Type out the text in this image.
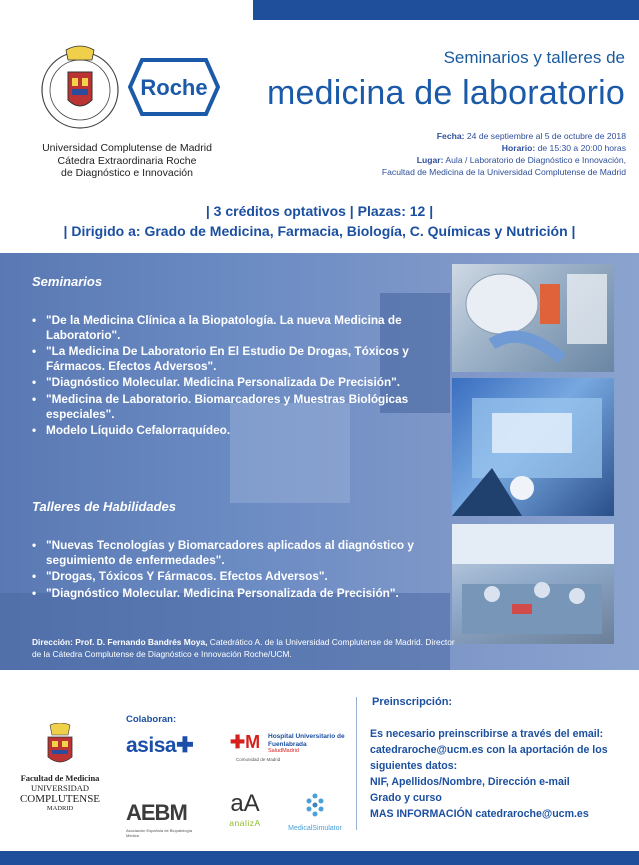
Roche
Universidad Complutense de Madrid
Cátedra Extraordinaria Roche
de Diagnóstico e Innovación
Seminarios y talleres de
medicina de laboratorio
Fecha: 24 de septiembre al 5 de octubre de 2018
Horario: de 15:30 a 20:00 horas
Lugar: Aula / Laboratorio de Diagnóstico e Innovación,
Facultad de Medicina de la Universidad Complutense de Madrid
| 3 créditos optativos | Plazas: 12 |
| Dirigido a: Grado de Medicina, Farmacia, Biología, C. Químicas y Nutrición |
Seminarios
• "De la Medicina Clínica a la Biopatología. La nueva Medicina de Laboratorio".
• "La Medicina De Laboratorio En El Estudio De Drogas, Tóxicos y Fármacos. Efectos Adversos".
• "Diagnóstico Molecular. Medicina Personalizada De Precisión".
• "Medicina de Laboratorio. Biomarcadores y Muestras Biológicas especiales".
• Modelo Líquido Cefalorraquídeo.
Talleres de Habilidades
• "Nuevas Tecnologías y Biomarcadores aplicados al diagnóstico y seguimiento de enfermedades".
• "Drogas, Tóxicos Y Fármacos. Efectos Adversos".
• "Diagnóstico Molecular. Medicina Personalizada de Precisión".
Dirección: Prof. D. Fernando Bandrés Moya, Catedrático A. de la Universidad Complutense de Madrid. Director de la Cátedra Complutense de Diagnóstico e Innovación Roche/UCM.
Colaboran:
Facultad de Medicina
UNIVERSIDAD
COMPLUTENSE
MADRID
asisa✚ ✚M	Hospital Universitario de
Fuenlabrada
SaludMadrid
Comunidad de Madrid
AEBM
Asociación Española de Biopatología Médica
aA
analizA
MedicalSimulator
Preinscripción:
Es necesario preinscribirse a través del email:
catedraroche@ucm.es con la aportación de los siguientes datos:
NIF, Apellidos/Nombre, Dirección e-mail
Grado y curso
MAS INFORMACIÓN catedraroche@ucm.es
